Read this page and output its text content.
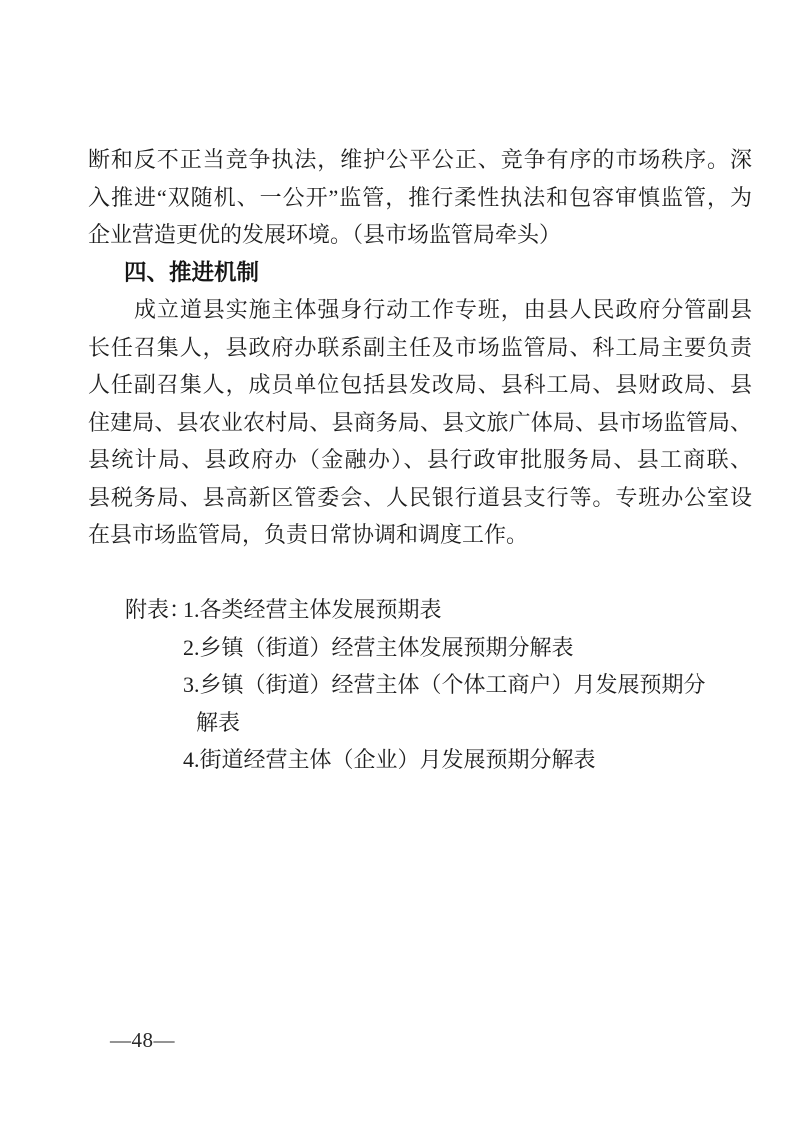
断和反不正当竞争执法，维护公平公正、竞争有序的市场秩序。深
入推进“双随机、一公开”监管，推行柔性执法和包容审慎监管，为
企业营造更优的发展环境。（县市场监管局牵头）
四、推进机制
成立道县实施主体强身行动工作专班，由县人民政府分管副县
长任召集人，县政府办联系副主任及市场监管局、科工局主要负责
人任副召集人，成员单位包括县发改局、县科工局、县财政局、县
住建局、县农业农村局、县商务局、县文旅广体局、县市场监管局、
县统计局、县政府办（金融办）、县行政审批服务局、县工商联、
县税务局、县高新区管委会、人民银行道县支行等。专班办公室设
在县市场监管局，负责日常协调和调度工作。
附表：
1.各类经营主体发展预期表
2.乡镇（街道）经营主体发展预期分解表
3.乡镇（街道）经营主体（个体工商户）月发展预期分
解表
4.街道经营主体（企业）月发展预期分解表
—48—
